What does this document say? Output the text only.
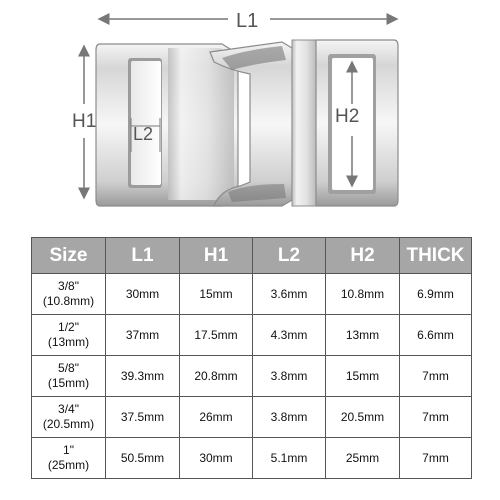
L1
H1
L2
H2
Size	L1	H1	L2	H2	THICK

3/8"
(10.8mm)	30mm	15mm	3.6mm	10.8mm	6.9mm

1/2"
(13mm)	37mm	17.5mm	4.3mm	13mm	6.6mm

5/8"
(15mm)	39.3mm	20.8mm	3.8mm	15mm	7mm

3/4"
(20.5mm)	37.5mm	26mm	3.8mm	20.5mm	7mm

1"
(25mm)	50.5mm	30mm	5.1mm	25mm	7mm
